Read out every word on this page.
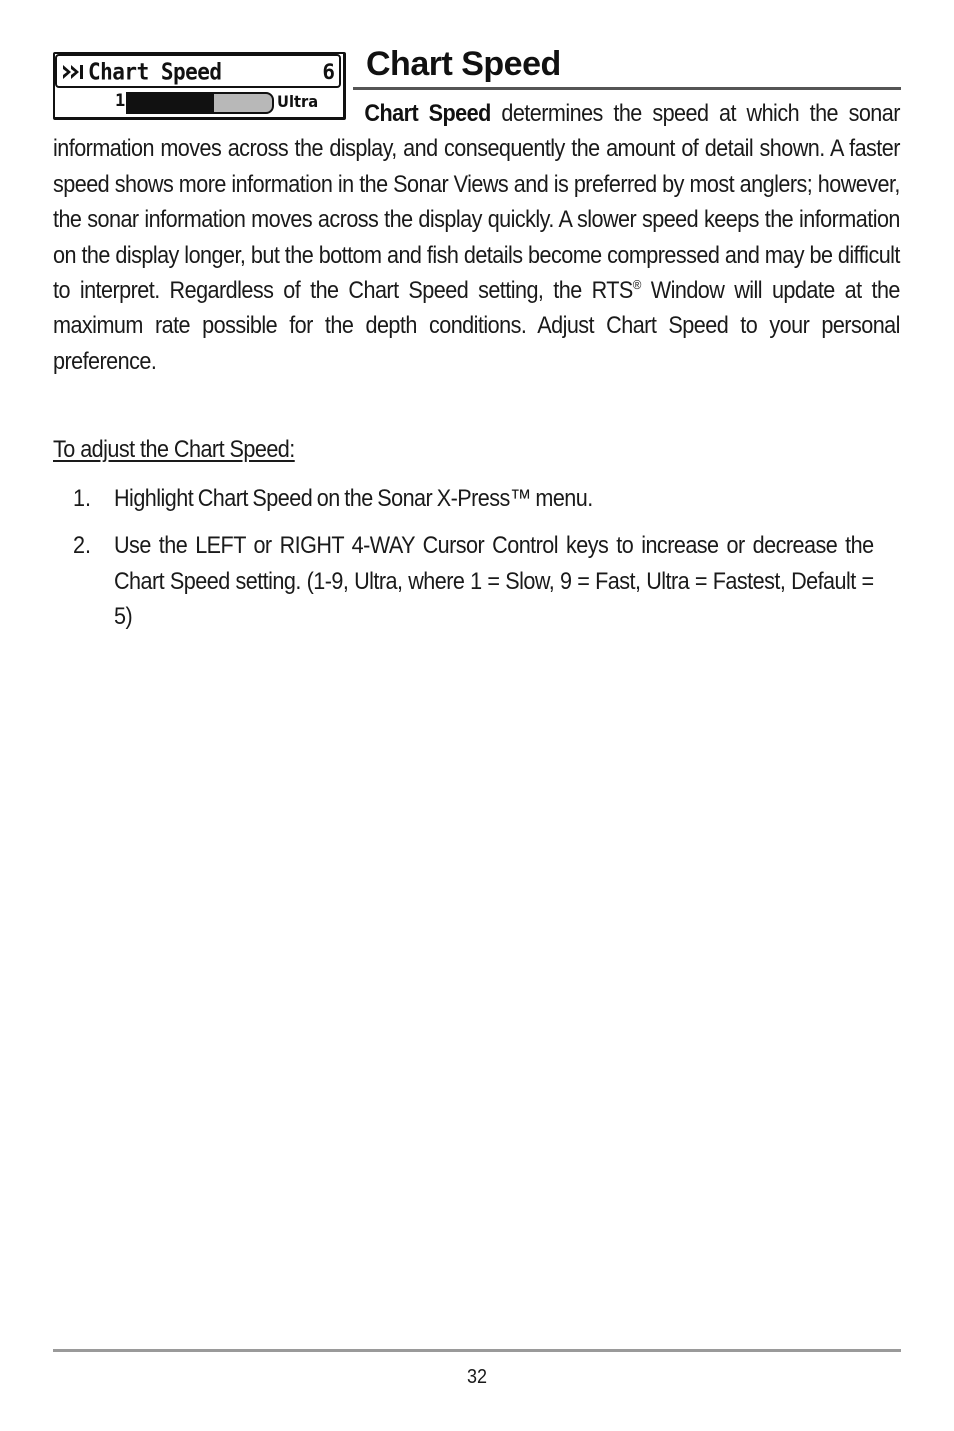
Chart Speed	6
1	Ultra
Chart Speed

Chart Speed determines the speed at which the sonar information moves across the display, and consequently the amount of detail shown. A faster speed shows more information in the Sonar Views and is preferred by most anglers; however, the sonar information moves across the display quickly. A slower speed keeps the information on the display longer, but the bottom and fish details become compressed and may be difficult to interpret. Regardless of the Chart Speed setting, the RTS® Window will update at the maximum rate possible for the depth conditions. Adjust Chart Speed to your personal preference.

To adjust the Chart Speed:
1. Highlight Chart Speed on the Sonar X-Press™ menu.
2. Use the LEFT or RIGHT 4-WAY Cursor Control keys to increase or decrease the Chart Speed setting. (1-9, Ultra, where 1 = Slow, 9 = Fast, Ultra = Fastest, Default = 5)
32
